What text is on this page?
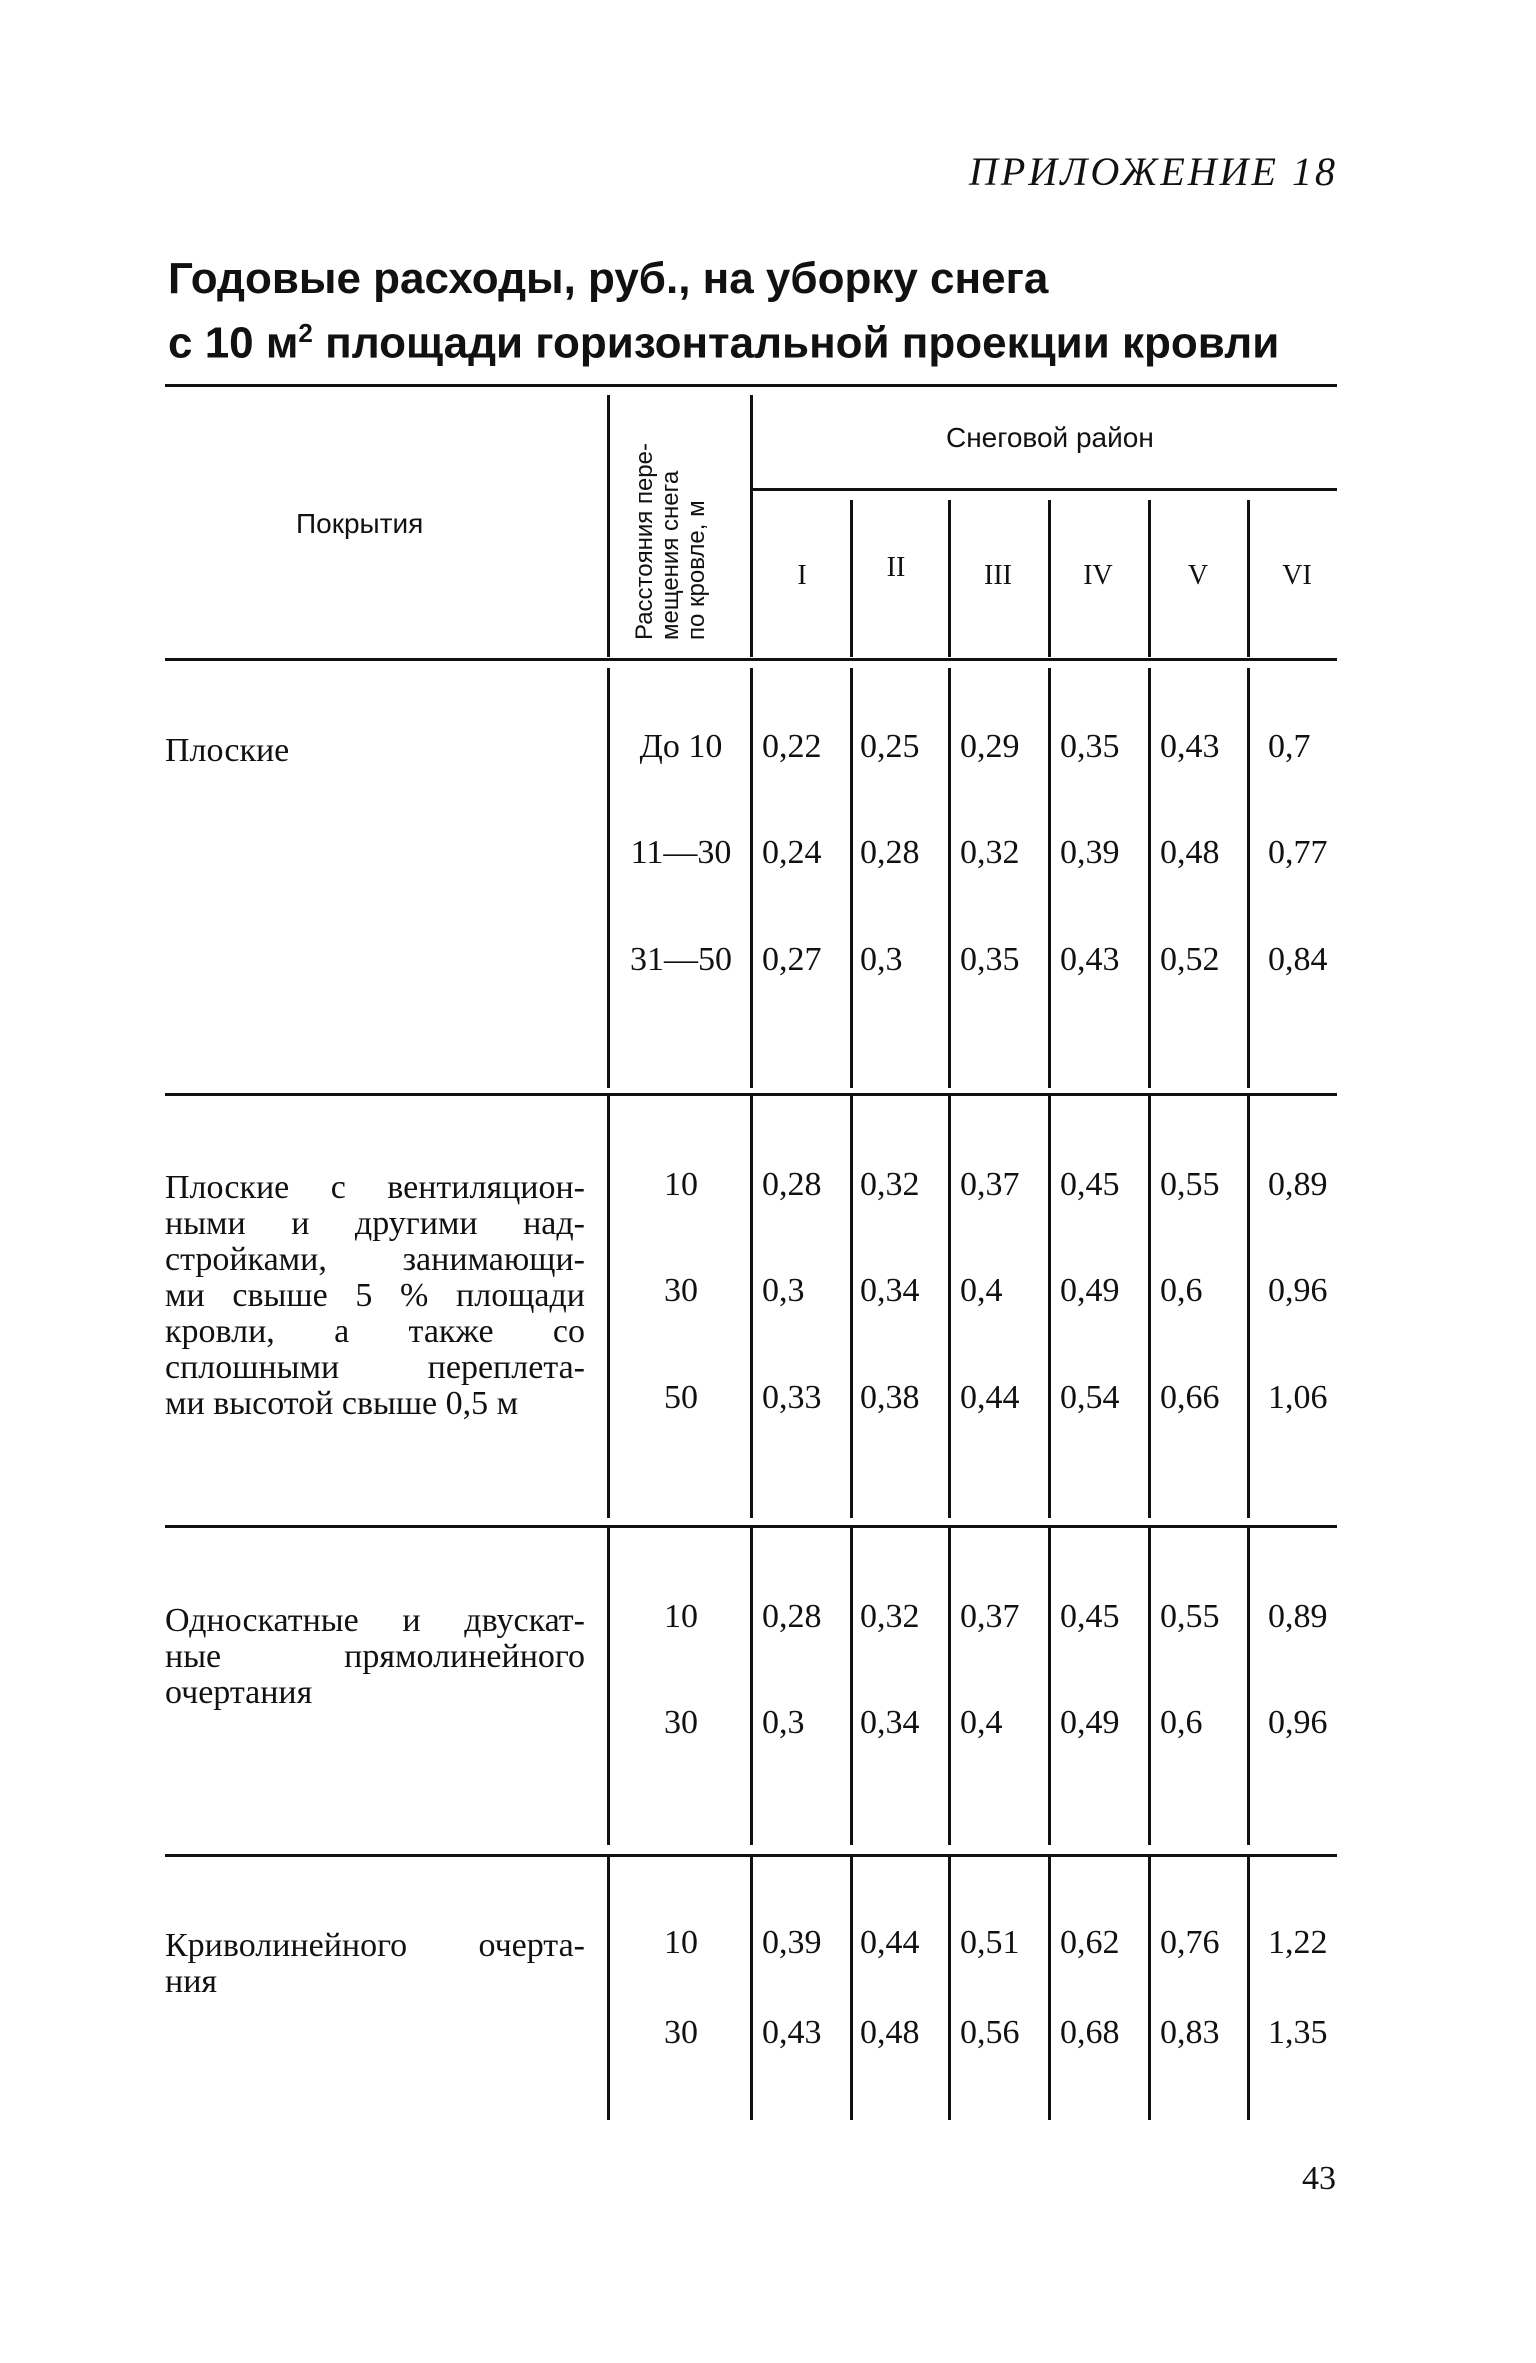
ПРИЛОЖЕНИЕ 18
Годовые расходы, руб., на уборку снега
с 10 $м^2$ площади горизонтальной проекции кровли
Покрытия
Снеговой район
Расстояния пере- мещения снега по кровле, м	I	II	III	IV	V	VI
Плоские	До 10	0,22 0,25 0,29 0,35 0,43 0,7
11—30 0,24 0,28 0,32 0,39 0,48 0,77
31—50 0,27 0,3 0,35 0,43 0,52 0,84
Плоские с вентиляцион-
ными и другими над-
стройками, занимающи-
ми свыше 5 % площади
кровли, а также со
сплошными переплета-
ми высотой свыше 0,5 м
10	0,28 0,32 0,37 0,45 0,55 0,89
30	0,3 0,34 0,4 0,49 0,6 0,96
50	0,33 0,38 0,44 0,54 0,66 1,06
Односкатные и двускат-
ные прямолинейного
очертания
10	0,28 0,32 0,37 0,45 0,55 0,89
30	0,3 0,34 0,4 0,49 0,6 0,96
Криволинейного очерта-
ния
10	0,39 0,44 0,51 0,62 0,76 1,22
30	0,43 0,48 0,56 0,68 0,83 1,35
43
